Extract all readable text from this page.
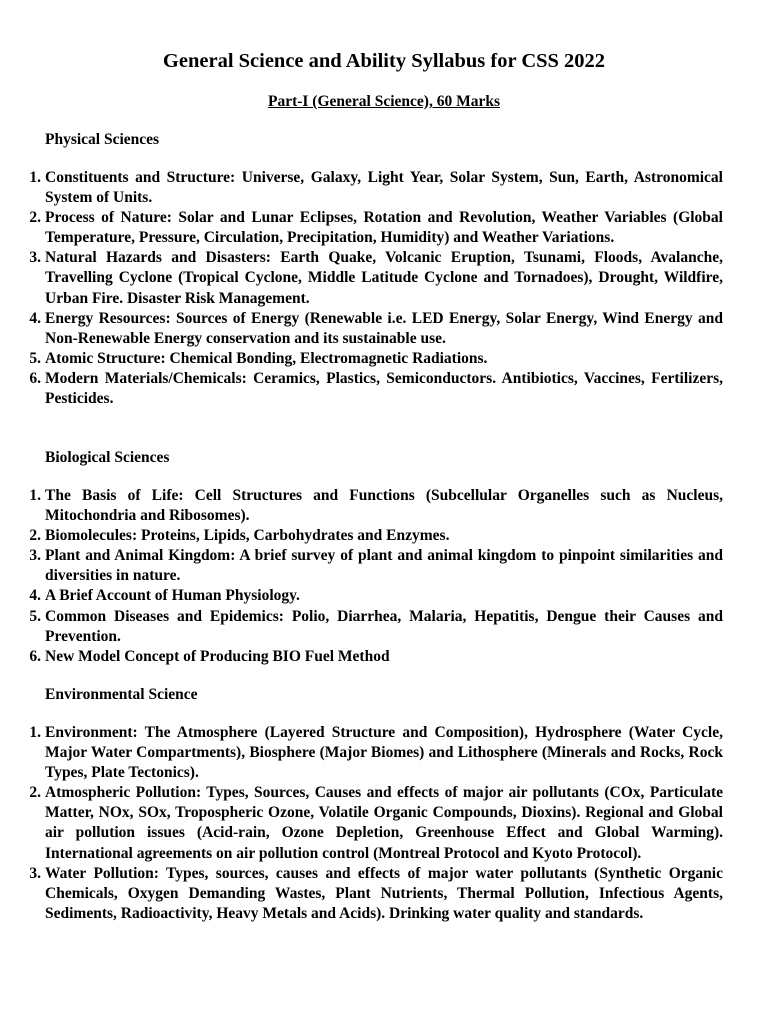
General Science and Ability Syllabus for CSS 2022
Part-I (General Science), 60 Marks
Physical Sciences
1. Constituents and Structure: Universe, Galaxy, Light Year, Solar System, Sun, Earth, Astronomical System of Units.
2. Process of Nature: Solar and Lunar Eclipses, Rotation and Revolution, Weather Variables (Global Temperature, Pressure, Circulation, Precipitation, Humidity) and Weather Variations.
3. Natural Hazards and Disasters: Earth Quake, Volcanic Eruption, Tsunami, Floods, Avalanche, Travelling Cyclone (Tropical Cyclone, Middle Latitude Cyclone and Tornadoes), Drought, Wildfire, Urban Fire. Disaster Risk Management.
4. Energy Resources: Sources of Energy (Renewable i.e. LED Energy, Solar Energy, Wind Energy and Non-Renewable Energy conservation and its sustainable use.
5. Atomic Structure: Chemical Bonding, Electromagnetic Radiations.
6. Modern Materials/Chemicals: Ceramics, Plastics, Semiconductors. Antibiotics, Vaccines, Fertilizers, Pesticides.
Biological Sciences
1. The Basis of Life: Cell Structures and Functions (Subcellular Organelles such as Nucleus, Mitochondria and Ribosomes).
2. Biomolecules: Proteins, Lipids, Carbohydrates and Enzymes.
3. Plant and Animal Kingdom: A brief survey of plant and animal kingdom to pinpoint similarities and diversities in nature.
4. A Brief Account of Human Physiology.
5. Common Diseases and Epidemics: Polio, Diarrhea, Malaria, Hepatitis, Dengue their Causes and Prevention.
6. New Model Concept of Producing BIO Fuel Method
Environmental Science
1. Environment: The Atmosphere (Layered Structure and Composition), Hydrosphere (Water Cycle, Major Water Compartments), Biosphere (Major Biomes) and Lithosphere (Minerals and Rocks, Rock Types, Plate Tectonics).
2. Atmospheric Pollution: Types, Sources, Causes and effects of major air pollutants (COx, Particulate Matter, NOx, SOx, Tropospheric Ozone, Volatile Organic Compounds, Dioxins). Regional and Global air pollution issues (Acid-rain, Ozone Depletion, Greenhouse Effect and Global Warming). International agreements on air pollution control (Montreal Protocol and Kyoto Protocol).
3. Water Pollution: Types, sources, causes and effects of major water pollutants (Synthetic Organic Chemicals, Oxygen Demanding Wastes, Plant Nutrients, Thermal Pollution, Infectious Agents, Sediments, Radioactivity, Heavy Metals and Acids). Drinking water quality and standards.
